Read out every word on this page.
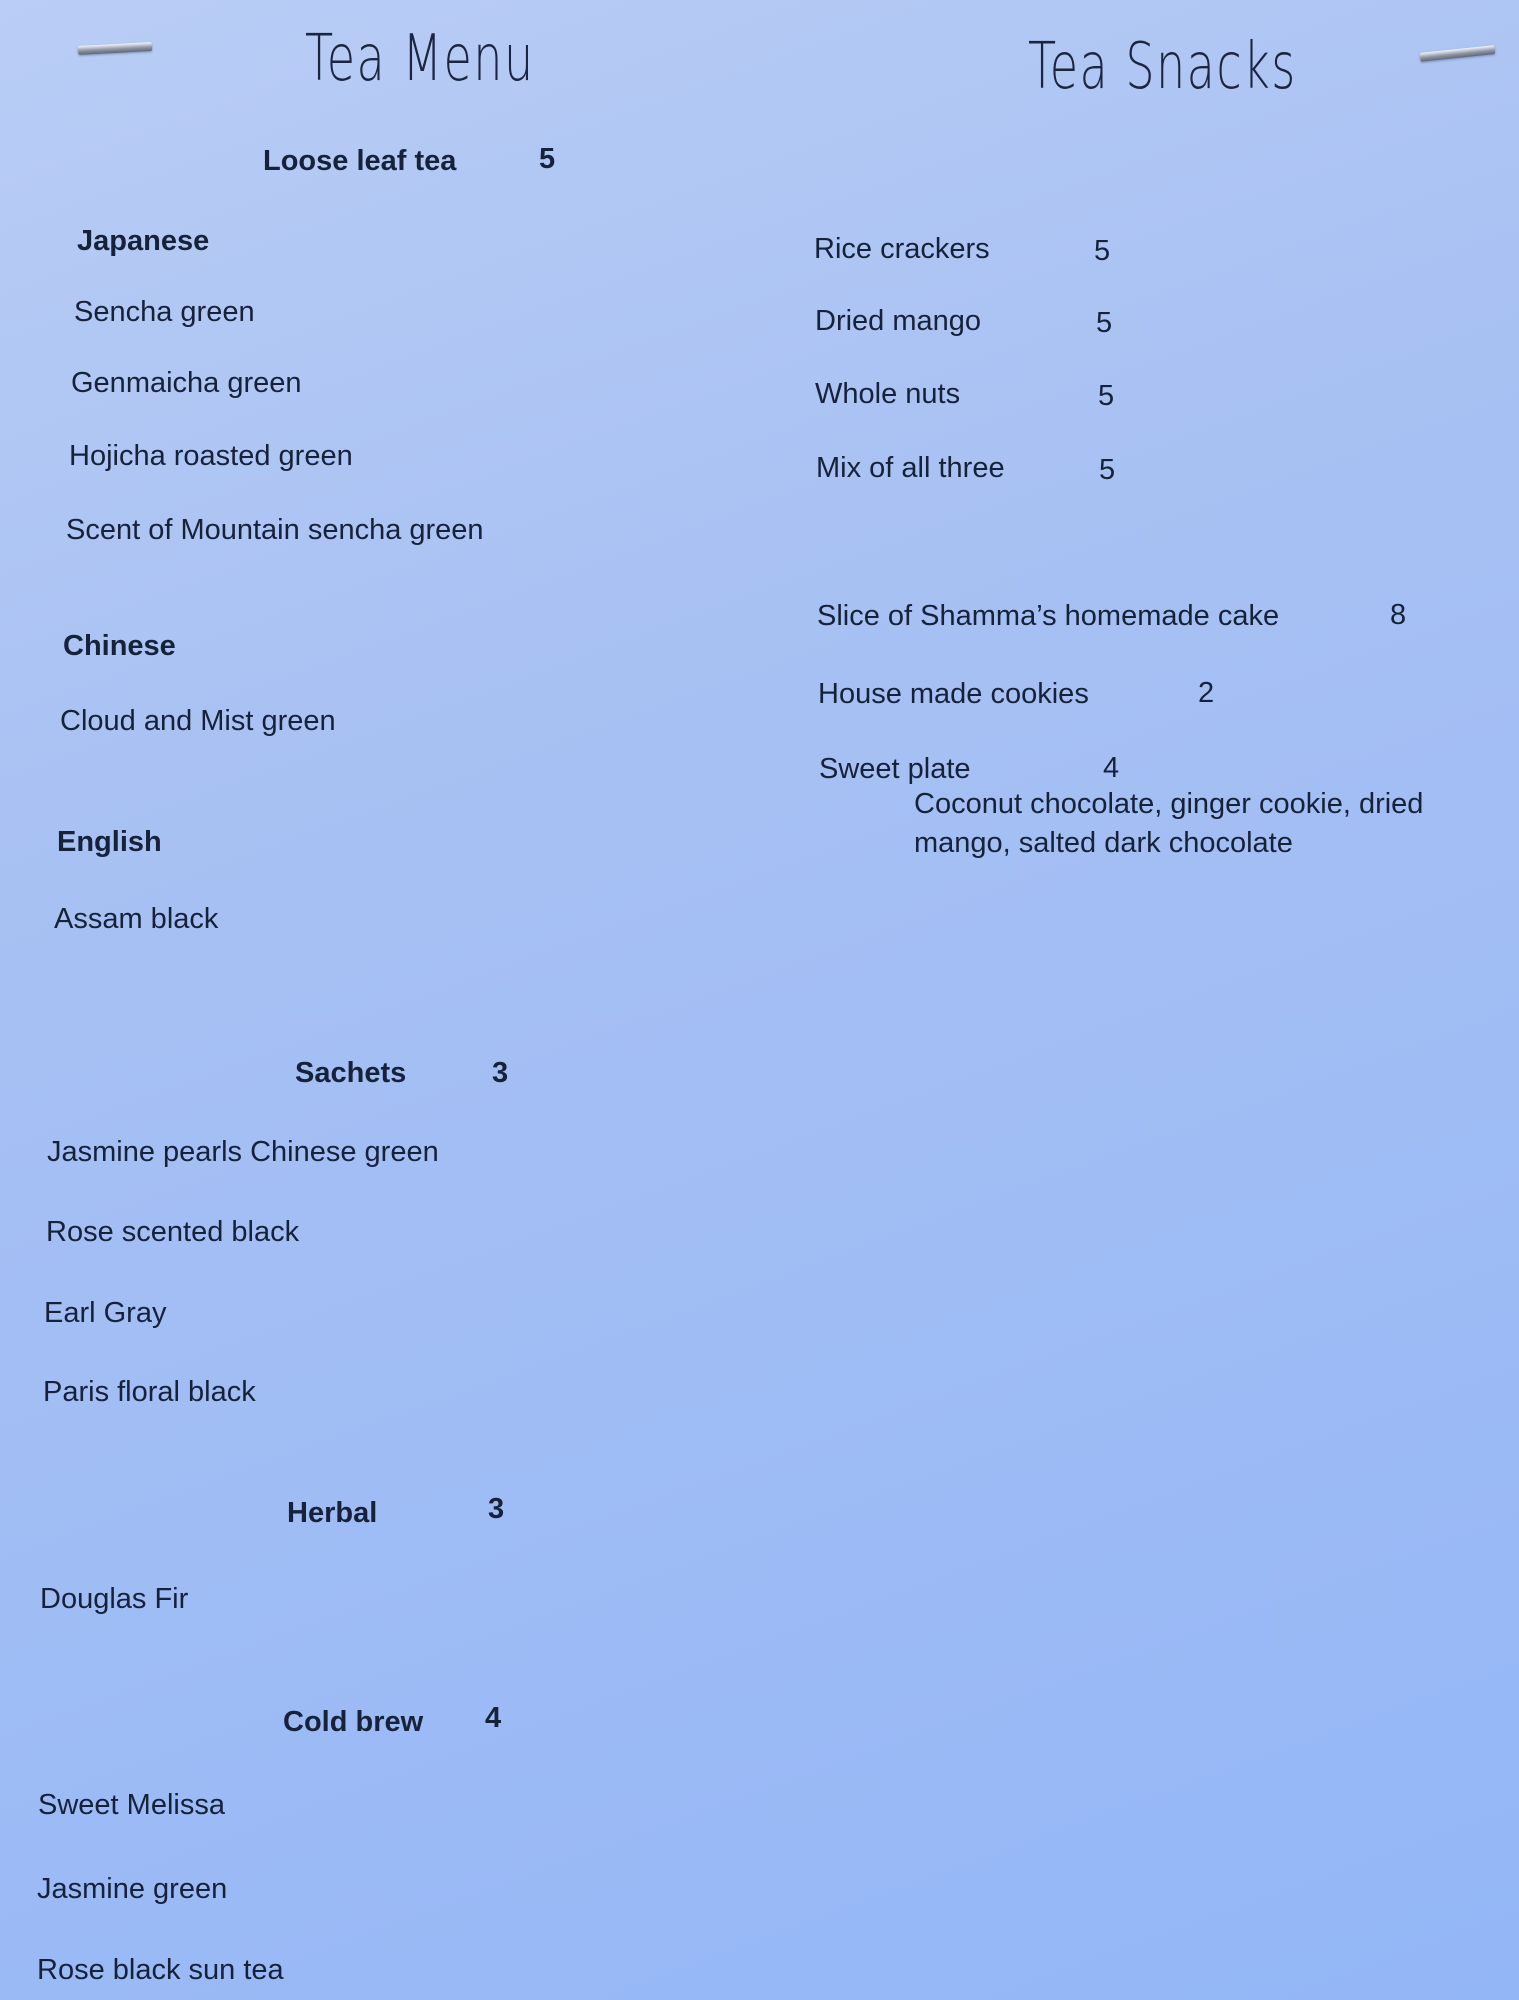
Tea Menu	Tea Snacks
Loose leaf tea	5
Japanese
Sencha green
Genmaicha green
Hojicha roasted green
Scent of Mountain sencha green
Chinese
Cloud and Mist green
English
Assam black
Sachets	3
Jasmine pearls Chinese green
Rose scented black
Earl Gray
Paris floral black
Herbal	3
Douglas Fir
Cold brew 4
Sweet Melissa
Jasmine green
Rose black sun tea
Rice crackers	5
Dried mango	5
Whole nuts	5
Mix of all three	5
Slice of Shamma’s homemade cake	8
House made cookies	2
Sweet plate	4
Coconut chocolate, ginger cookie, dried mango, salted dark chocolate
